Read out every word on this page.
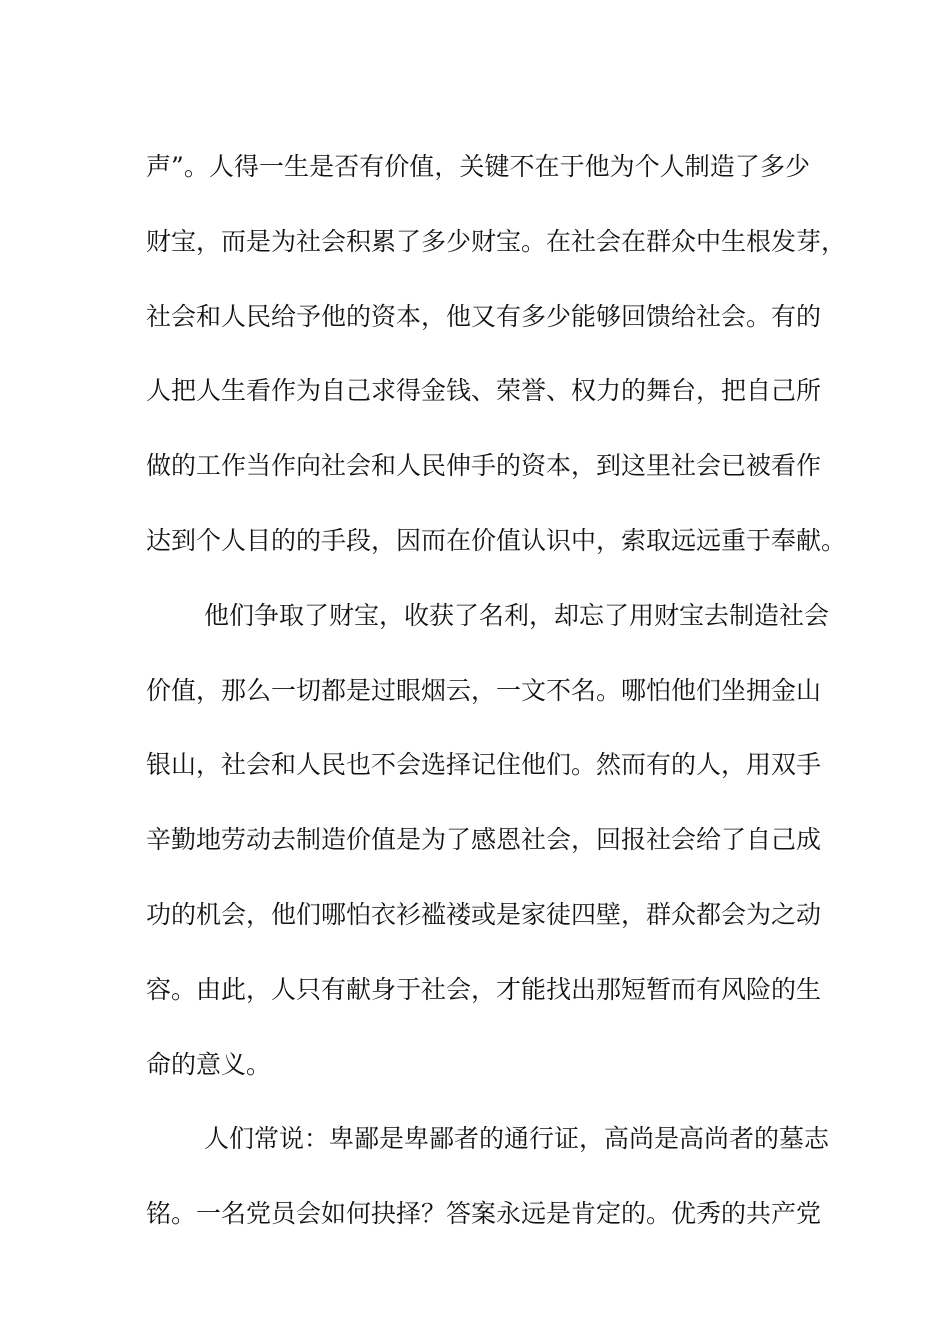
声”。人得一生是否有价值，关键不在于他为个人制造了多少
财宝，而是为社会积累了多少财宝。在社会在群众中生根发芽，
社会和人民给予他的资本，他又有多少能够回馈给社会。有的
人把人生看作为自己求得金钱、荣誉、权力的舞台，把自己所
做的工作当作向社会和人民伸手的资本，到这里社会已被看作
达到个人目的的手段，因而在价值认识中，索取远远重于奉献。
他们争取了财宝，收获了名利，却忘了用财宝去制造社会
价值，那么一切都是过眼烟云，一文不名。哪怕他们坐拥金山
银山，社会和人民也不会选择记住他们。然而有的人，用双手
辛勤地劳动去制造价值是为了感恩社会，回报社会给了自己成
功的机会，他们哪怕衣衫褴褛或是家徒四壁，群众都会为之动
容。由此，人只有献身于社会，才能找出那短暂而有风险的生
命的意义。
人们常说：卑鄙是卑鄙者的通行证，高尚是高尚者的墓志
铭。一名党员会如何抉择？答案永远是肯定的。优秀的共产党
